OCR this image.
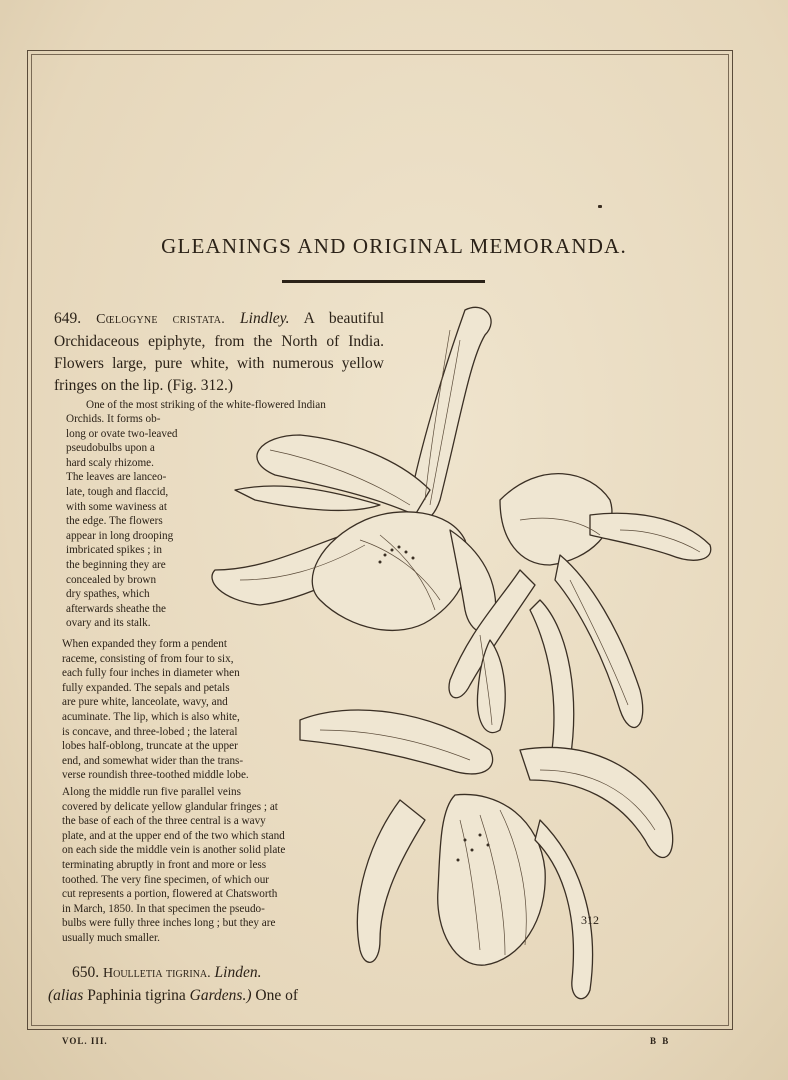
GLEANINGS AND ORIGINAL MEMORANDA.
649. Cœlogyne cristata. Lindley. A beautiful Orchidaceous epiphyte, from the North of India. Flowers large, pure white, with numerous yellow fringes on the lip. (Fig. 312.)
One of the most striking of the white-flowered Indian
Orchids. It forms ob-
long or ovate two-leaved
pseudobulbs upon a
hard scaly rhizome.
The leaves are lanceo-
late, tough and flaccid,
with some waviness at
the edge. The flowers
appear in long drooping
imbricated spikes ; in
the beginning they are
concealed by brown
dry spathes, which
afterwards sheathe the
ovary and its stalk.
When expanded they form a pendent
raceme, consisting of from four to six,
each fully four inches in diameter when
fully expanded. The sepals and petals
are pure white, lanceolate, wavy, and
acuminate. The lip, which is also white,
is concave, and three-lobed ; the lateral
lobes half-oblong, truncate at the upper
end, and somewhat wider than the trans-
verse roundish three-toothed middle lobe.
Along the middle run five parallel veins
covered by delicate yellow glandular fringes ; at
the base of each of the three central is a wavy
plate, and at the upper end of the two which stand
on each side the middle vein is another solid plate
terminating abruptly in front and more or less
toothed. The very fine specimen, of which our
cut represents a portion, flowered at Chatsworth
in March, 1850. In that specimen the pseudo-
bulbs were fully three inches long ; but they are
usually much smaller.
650. Houlletia tigrina. Linden.
(alias Paphinia tigrina Gardens.) One of
312
VOL. III.	B B
